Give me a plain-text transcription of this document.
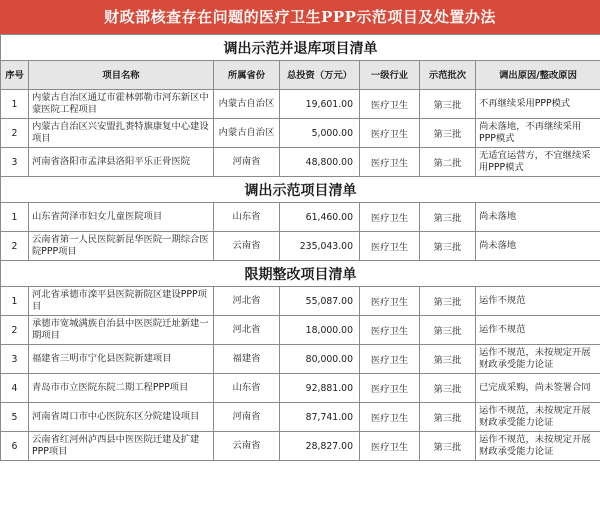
财政部核查存在问题的医疗卫生PPP示范项目及处置办法
调出示范并退库项目清单						
序号	项目名称	所属省份	总投资（万元）	一级行业	示范批次	调出原因/整改原因
1	内蒙古自治区通辽市霍林郭勒市河东新区中蒙医院工程项目	内蒙古自治区	19,601.00	医疗卫生	第三批	不再继续采用PPP模式
2	内蒙古自治区兴安盟扎赉特旗康复中心建设项目	内蒙古自治区	5,000.00	医疗卫生	第三批	尚未落地，不再继续采用PPP模式
3	河南省洛阳市孟津县洛阳平乐正骨医院	河南省	48,800.00	医疗卫生	第二批	无适宜运营方，不宜继续采用PPP模式
调出示范项目清单						
1	山东省菏泽市妇女儿童医院项目	山东省	61,460.00	医疗卫生	第三批	尚未落地
2	云南省第一人民医院新昆华医院一期综合医院PPP项目	云南省	235,043.00	医疗卫生	第三批	尚未落地
限期整改项目清单						
1	河北省承德市滦平县医院新院区建设PPP项目	河北省	55,087.00	医疗卫生	第三批	运作不规范
2	承德市宽城满族自治县中医医院迁址新建一期项目	河北省	18,000.00	医疗卫生	第三批	运作不规范
3	福建省三明市宁化县医院新建项目	福建省	80,000.00	医疗卫生	第三批	运作不规范，未按规定开展财政承受能力论证
4	青岛市市立医院东院二期工程PPP项目	山东省	92,881.00	医疗卫生	第三批	已完成采购，尚未签署合同
5	河南省周口市中心医院东区分院建设项目	河南省	87,741.00	医疗卫生	第三批	运作不规范，未按规定开展财政承受能力论证
6	云南省红河州泸西县中医医院迁建及扩建PPP项目	云南省	28,827.00	医疗卫生	第三批	运作不规范，未按规定开展财政承受能力论证
